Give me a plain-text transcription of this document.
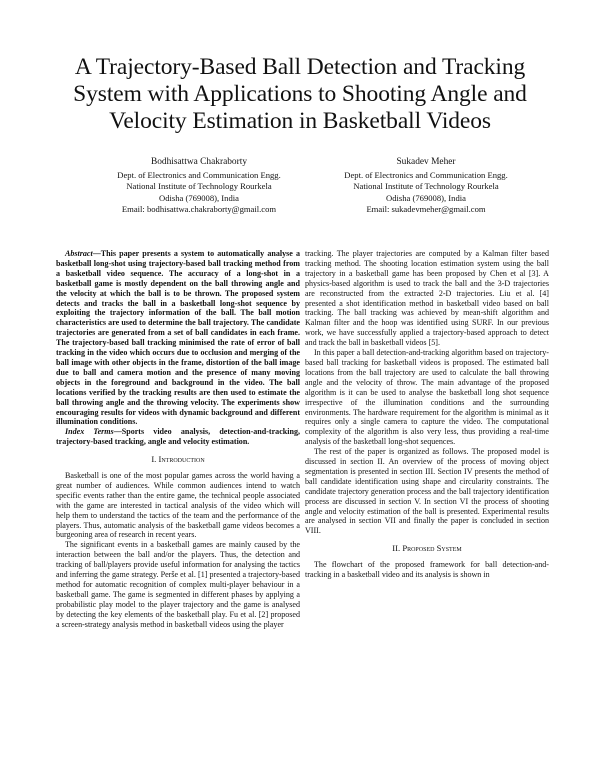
A Trajectory-Based Ball Detection and Tracking System with Applications to Shooting Angle and Velocity Estimation in Basketball Videos
Bodhisattwa Chakraborty
Dept. of Electronics and Communication Engg.
National Institute of Technology Rourkela
Odisha (769008), India
Email: bodhisattwa.chakraborty@gmail.com
Sukadev Meher
Dept. of Electronics and Communication Engg.
National Institute of Technology Rourkela
Odisha (769008), India
Email: sukadevmeher@gmail.com

Abstract—This paper presents a system to automatically analyse a basketball long-shot using trajectory-based ball tracking method from a basketball video sequence. The accuracy of a long-shot in a basketball game is mostly dependent on the ball throwing angle and the velocity at which the ball is to be thrown. The proposed system detects and tracks the ball in a basketball long-shot sequence by exploiting the trajectory information of the ball. The ball motion characteristics are used to determine the ball trajectory. The candidate trajectories are generated from a set of ball candidates in each frame. The trajectory-based ball tracking minimised the rate of error of ball tracking in the video which occurs due to occlusion and merging of the ball image with other objects in the frame, distortion of the ball image due to ball and camera motion and the presence of many moving objects in the foreground and background in the video. The ball locations verified by the tracking results are then used to estimate the ball throwing angle and the throwing velocity. The experiments show encouraging results for videos with dynamic background and different illumination conditions.

Index Terms—Sports video analysis, detection-and-tracking, trajectory-based tracking, angle and velocity estimation.

I. Introduction

Basketball is one of the most popular games across the world having a great number of audiences. While common audiences intend to watch specific events rather than the entire game, the technical people associated with the game are interested in tactical analysis of the video which will help them to understand the tactics of the team and the performance of the players. Thus, automatic analysis of the basketball game videos becomes a burgeoning area of research in recent years.

The significant events in a basketball games are mainly caused by the interaction between the ball and/or the players. Thus, the detection and tracking of ball/players provide useful information for analysing the tactics and inferring the game strategy. Perše et al. [1] presented a trajectory-based method for automatic recognition of complex multi-player behaviour in a basketball game. The game is segmented in different phases by applying a probabilistic play model to the player trajectory and the game is analysed by detecting the key elements of the basketball play. Fu et al. [2] proposed a screen-strategy analysis method in basketball videos using the player

tracking. The player trajectories are computed by a Kalman filter based tracking method. The shooting location estimation system using the ball trajectory in a basketball game has been proposed by Chen et al [3]. A physics-based algorithm is used to track the ball and the 3-D trajectories are reconstructed from the extracted 2-D trajectories. Liu et al. [4] presented a shot identification method in basketball video based on ball tracking. The ball tracking was achieved by mean-shift algorithm and Kalman filter and the hoop was identified using SURF. In our previous work, we have successfully applied a trajectory-based approach to detect and track the ball in basketball videos [5].

In this paper a ball detection-and-tracking algorithm based on trajectory-based ball tracking for basketball videos is proposed. The estimated ball locations from the ball trajectory are used to calculate the ball throwing angle and the velocity of throw. The main advantage of the proposed algorithm is it can be used to analyse the basketball long shot sequence irrespective of the illumination conditions and the surrounding environments. The hardware requirement for the algorithm is minimal as it requires only a single camera to capture the video. The computational complexity of the algorithm is also very less, thus providing a real-time analysis of the basketball long-shot sequences.

The rest of the paper is organized as follows. The proposed model is discussed in section II. An overview of the process of moving object segmentation is presented in section III. Section IV presents the method of ball candidate identification using shape and circularity constraints. The candidate trajectory generation process and the ball trajectory identification process are discussed in section V. In section VI the process of shooting angle and velocity estimation of the ball is presented. Experimental results are analysed in section VII and finally the paper is concluded in section VIII.

II. Proposed System

The flowchart of the proposed framework for ball detection-and-tracking in a basketball video and its analysis is shown in
